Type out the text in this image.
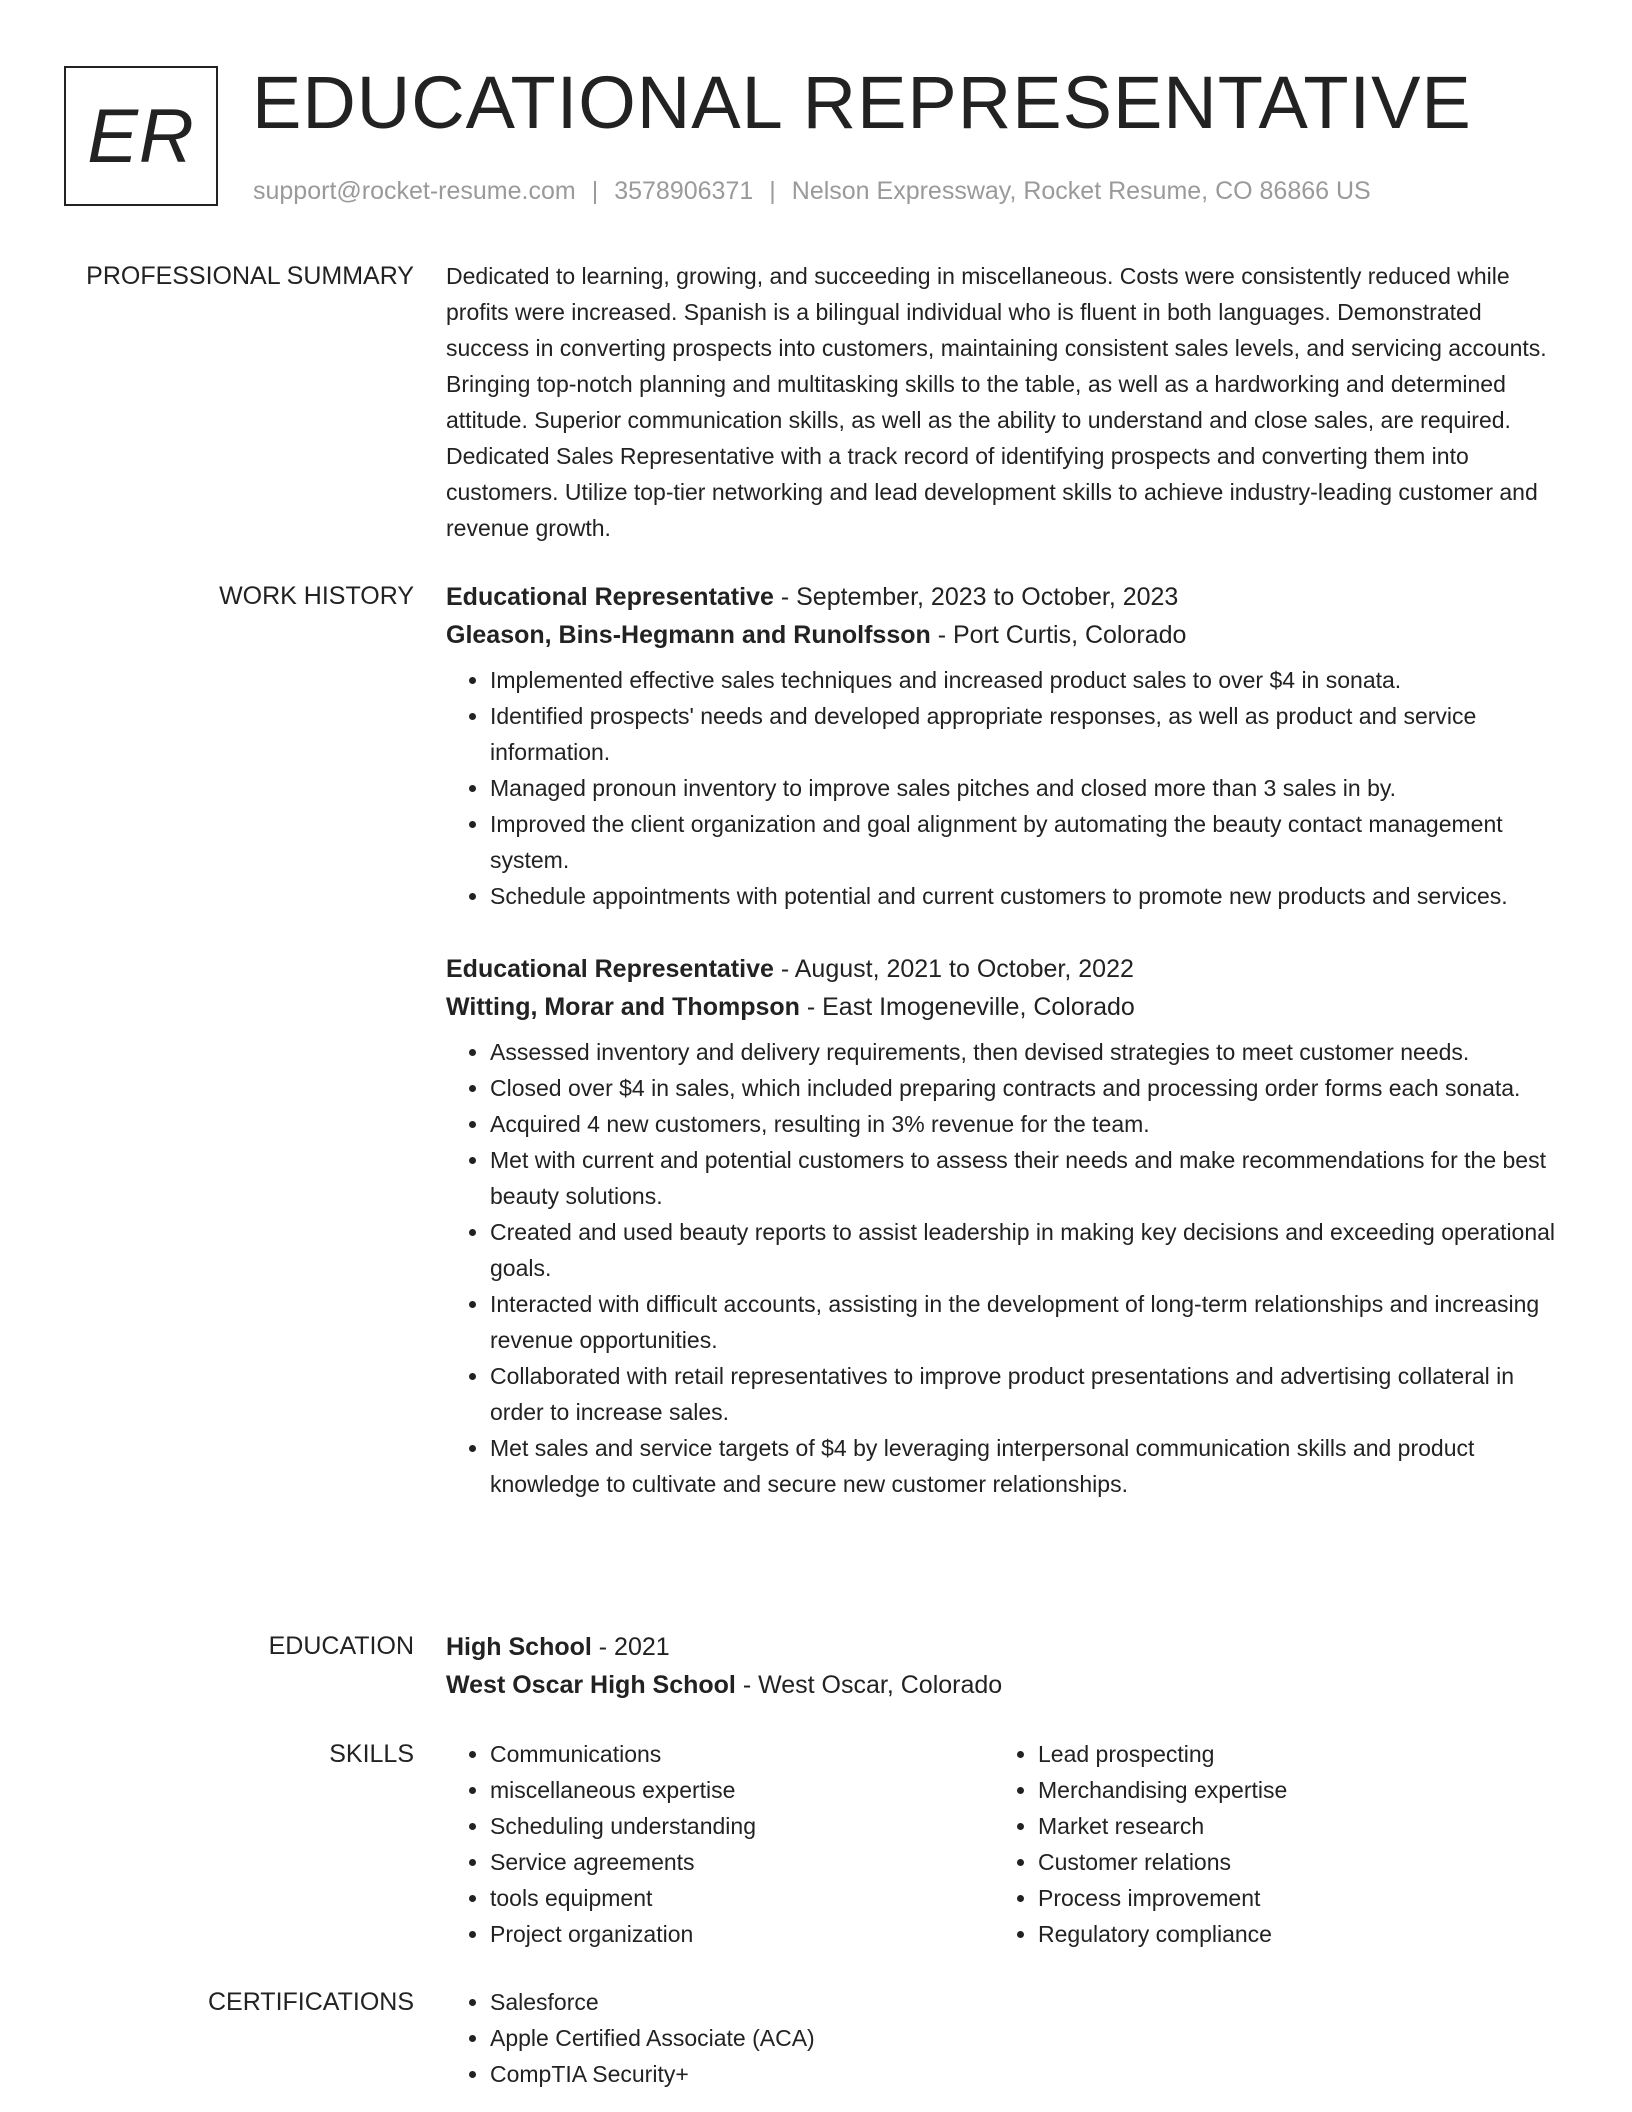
ER EDUCATIONAL REPRESENTATIVE
support@rocket-resume.com | 3578906371 | Nelson Expressway, Rocket Resume, CO 86866 US
PROFESSIONAL SUMMARY Dedicated to learning, growing, and succeeding in miscellaneous. Costs were consistently reduced while profits were increased. Spanish is a bilingual individual who is fluent in both languages. Demonstrated success in converting prospects into customers, maintaining consistent sales levels, and servicing accounts. Bringing top-notch planning and multitasking skills to the table, as well as a hardworking and determined attitude. Superior communication skills, as well as the ability to understand and close sales, are required. Dedicated Sales Representative with a track record of identifying prospects and converting them into customers. Utilize top-tier networking and lead development skills to achieve industry-leading customer and revenue growth.

WORK HISTORY Educational Representative - September, 2023 to October, 2023
Gleason, Bins-Hegmann and Runolfsson - Port Curtis, Colorado
• Implemented effective sales techniques and increased product sales to over $4 in sonata.
• Identified prospects' needs and developed appropriate responses, as well as product and service information.
• Managed pronoun inventory to improve sales pitches and closed more than 3 sales in by.
• Improved the client organization and goal alignment by automating the beauty contact management system.
• Schedule appointments with potential and current customers to promote new products and services.
Educational Representative - August, 2021 to October, 2022
Witting, Morar and Thompson - East Imogeneville, Colorado
• Assessed inventory and delivery requirements, then devised strategies to meet customer needs.
• Closed over $4 in sales, which included preparing contracts and processing order forms each sonata.
• Acquired 4 new customers, resulting in 3% revenue for the team.
• Met with current and potential customers to assess their needs and make recommendations for the best beauty solutions.
• Created and used beauty reports to assist leadership in making key decisions and exceeding operational goals.
• Interacted with difficult accounts, assisting in the development of long-term relationships and increasing revenue opportunities.
• Collaborated with retail representatives to improve product presentations and advertising collateral in order to increase sales.
• Met sales and service targets of $4 by leveraging interpersonal communication skills and product knowledge to cultivate and secure new customer relationships.
EDUCATION High School - 2021
West Oscar High School - West Oscar, Colorado
SKILLS	• Communications
• miscellaneous expertise
• Scheduling understanding
• Service agreements
• tools equipment
• Project organization
• Lead prospecting
• Merchandising expertise
• Market research
• Customer relations
• Process improvement
• Regulatory compliance
CERTIFICATIONS	• Salesforce
• Apple Certified Associate (ACA)
• CompTIA Security+
